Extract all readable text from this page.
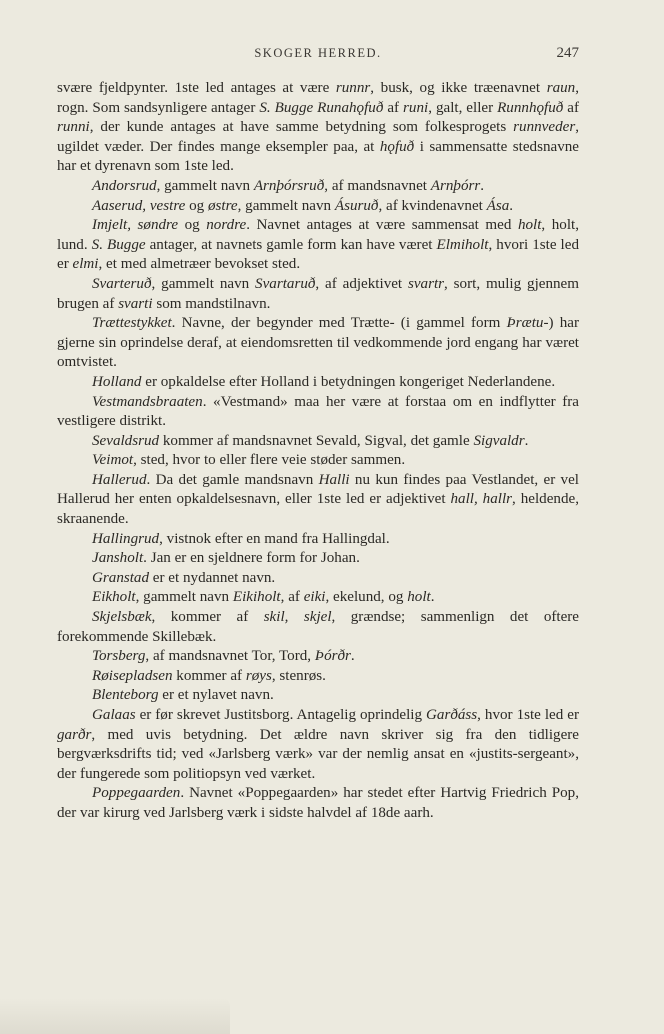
SKOGER HERRED.	247

svære fjeldpynter. 1ste led antages at være runnr, busk, og ikke træenavnet raun, rogn. Som sandsynligere antager S. Bugge Runahǫfuð af runi, galt, eller Runnhǫfuð af runni, der kunde antages at have samme betydning som folkesprogets runnveder, ugildet væder. Der findes mange eksempler paa, at hǫfuð i sammensatte stedsnavne har et dyrenavn som 1ste led.

Andorsrud, gammelt navn Arnþórsruð, af mandsnavnet Arnþórr.

Aaserud, vestre og østre, gammelt navn Ásuruð, af kvindenavnet Ása.

Imjelt, søndre og nordre. Navnet antages at være sammensat med holt, holt, lund. S. Bugge antager, at navnets gamle form kan have været Elmiholt, hvori 1ste led er elmi, et med almetræer bevokset sted.

Svarteruð, gammelt navn Svartaruð, af adjektivet svartr, sort, mulig gjennem brugen af svarti som mandstilnavn.

Trættestykket. Navne, der begynder med Trætte- (i gammel form Þrætu-) har gjerne sin oprindelse deraf, at eiendomsretten til vedkommende jord engang har været omtvistet.

Holland er opkaldelse efter Holland i betydningen kongeriget Nederlandene.

Vestmandsbraaten. «Vestmand» maa her være at forstaa om en indflytter fra vestligere distrikt.

Sevaldsrud kommer af mandsnavnet Sevald, Sigval, det gamle Sigvaldr.

Veimot, sted, hvor to eller flere veie støder sammen.

Hallerud. Da det gamle mandsnavn Halli nu kun findes paa Vestlandet, er vel Hallerud her enten opkaldelsesnavn, eller 1ste led er adjektivet hall, hallr, heldende, skraanende.

Hallingrud, vistnok efter en mand fra Hallingdal.

Jansholt. Jan er en sjeldnere form for Johan.

Granstad er et nydannet navn.

Eikholt, gammelt navn Eikiholt, af eiki, ekelund, og holt.

Skjelsbæk, kommer af skil, skjel, grændse; sammenlign det oftere forekommende Skillebæk.

Torsberg, af mandsnavnet Tor, Tord, Þórðr.

Røisepladsen kommer af røys, stenrøs.

Blenteborg er et nylavet navn.

Galaas er før skrevet Justitsborg. Antagelig oprindelig Garðáss, hvor 1ste led er garðr, med uvis betydning. Det ældre navn skriver sig fra den tidligere bergværksdrifts tid; ved «Jarlsberg værk» var der nemlig ansat en «justits-sergeant», der fungerede som politiopsyn ved værket.

Poppegaarden. Navnet «Poppegaarden» har stedet efter Hartvig Friedrich Pop, der var kirurg ved Jarlsberg værk i sidste halvdel af 18de aarh.
